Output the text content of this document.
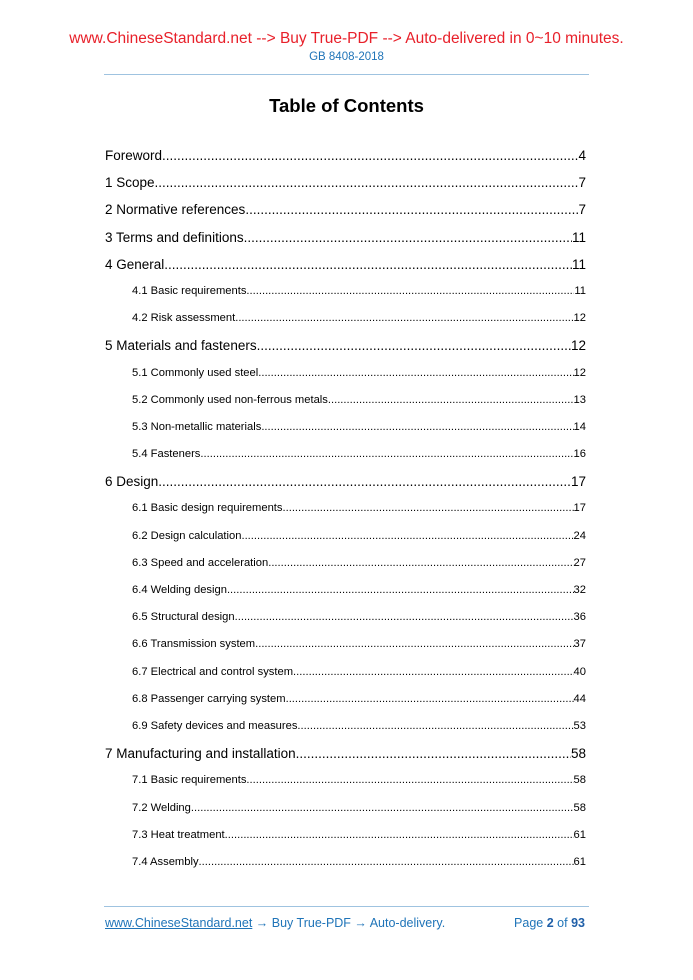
www.ChineseStandard.net --> Buy True-PDF --> Auto-delivered in 0~10 minutes.
GB 8408-2018
Table of Contents
Foreword .....	4
1 Scope .....	7
2 Normative references .....	7
3 Terms and definitions .....	11
4 General .....	11
4.1 Basic requirements .....	11
4.2 Risk assessment .....	12
5 Materials and fasteners .....	12
5.1 Commonly used steel .....	12
5.2 Commonly used non-ferrous metals .....	13
5.3 Non-metallic materials .....	14
5.4 Fasteners .....	16
6 Design .....	17
6.1 Basic design requirements .....	17
6.2 Design calculation .....	24
6.3 Speed and acceleration .....	27
6.4 Welding design .....	32
6.5 Structural design .....	36
6.6 Transmission system .....	37
6.7 Electrical and control system .....	40
6.8 Passenger carrying system .....	44
6.9 Safety devices and measures .....	53
7 Manufacturing and installation .....	58
7.1 Basic requirements .....	58
7.2 Welding .....	58
7.3 Heat treatment .....	61
7.4 Assembly .....	61
www.ChineseStandard.net → Buy True-PDF → Auto-delivery.	Page 2 of 93
